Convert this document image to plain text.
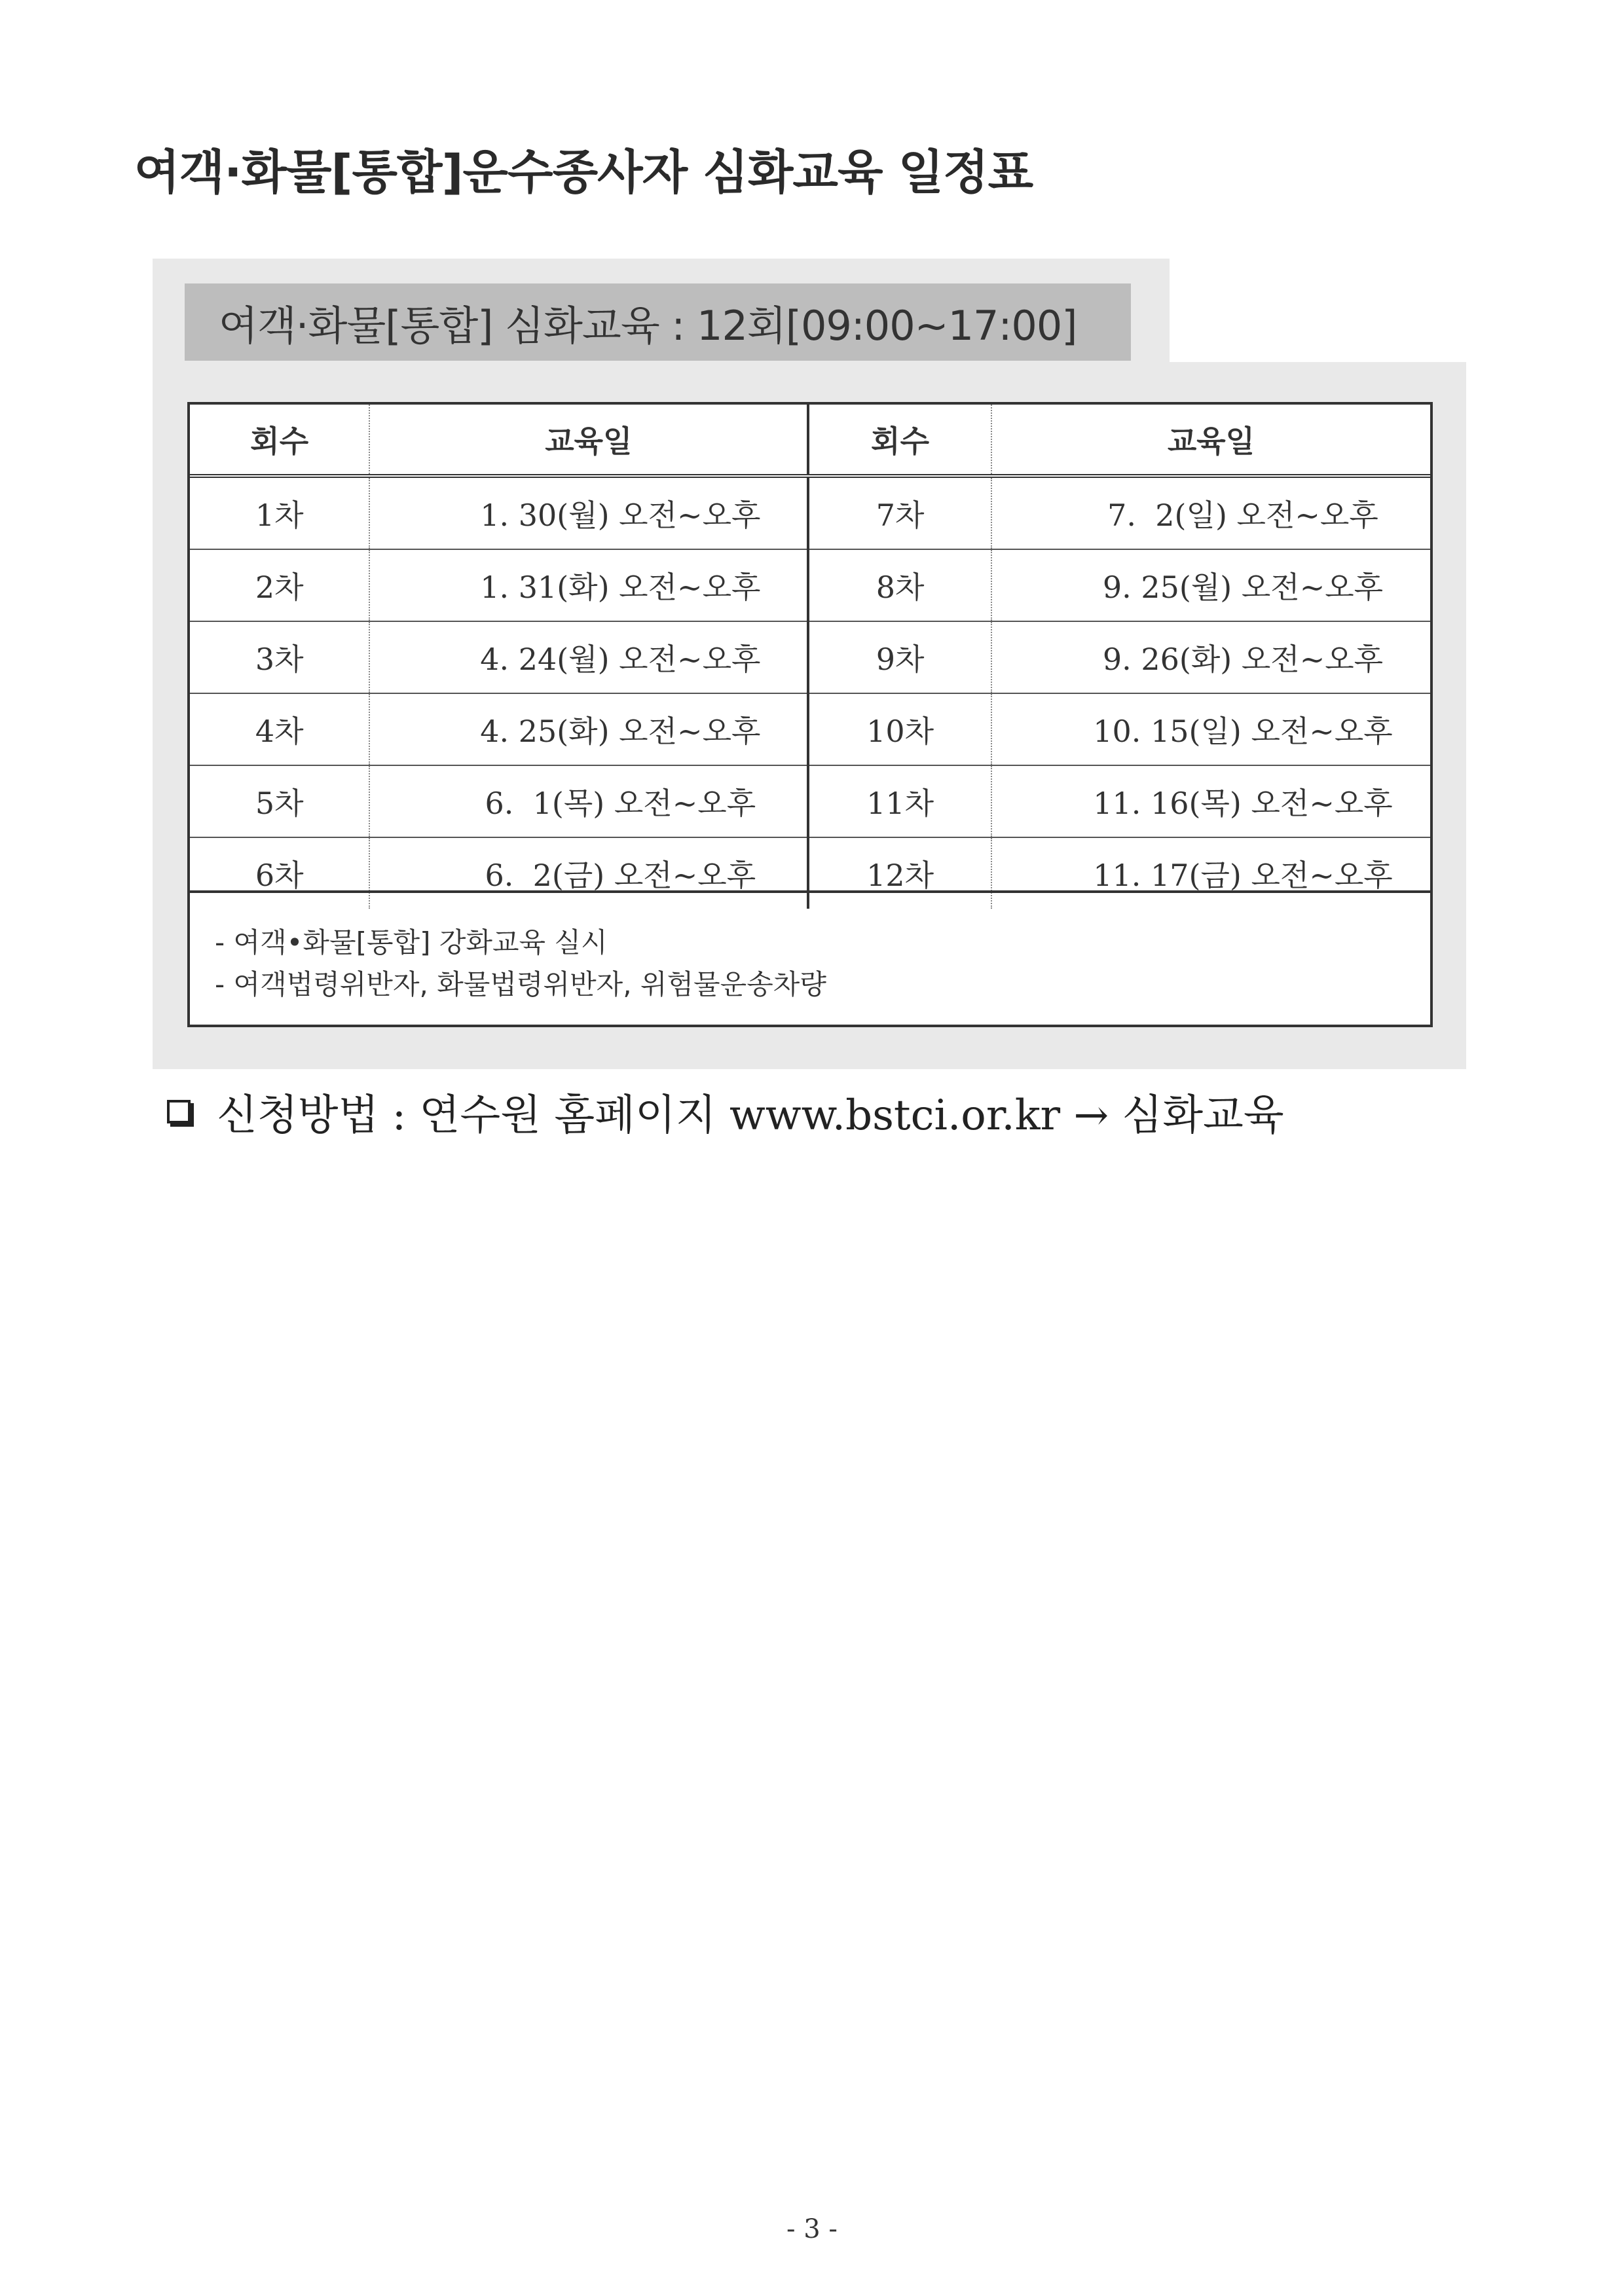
여객·화물[통합]운수종사자 심화교육 일정표
여객·화물[통합] 심화교육 : 12회[09:00~17:00]
회수	교육일	회수	교육일
1차	1. 30(월) 오전~오후	7차	7.  2(일) 오전~오후
2차	1. 31(화) 오전~오후	8차	9. 25(월) 오전~오후
3차	4. 24(월) 오전~오후	9차	9. 26(화) 오전~오후
4차	4. 25(화) 오전~오후	10차	10. 15(일) 오전~오후
5차	6.  1(목) 오전~오후	11차	11. 16(목) 오전~오후
6차	6.  2(금) 오전~오후	12차	11. 17(금) 오전~오후
- 여객•화물[통합] 강화교육 실시
- 여객법령위반자, 화물법령위반자, 위험물운송차량
신청방법 : 연수원 홈페이지 www.bstci.or.kr → 심화교육
- 3 -
